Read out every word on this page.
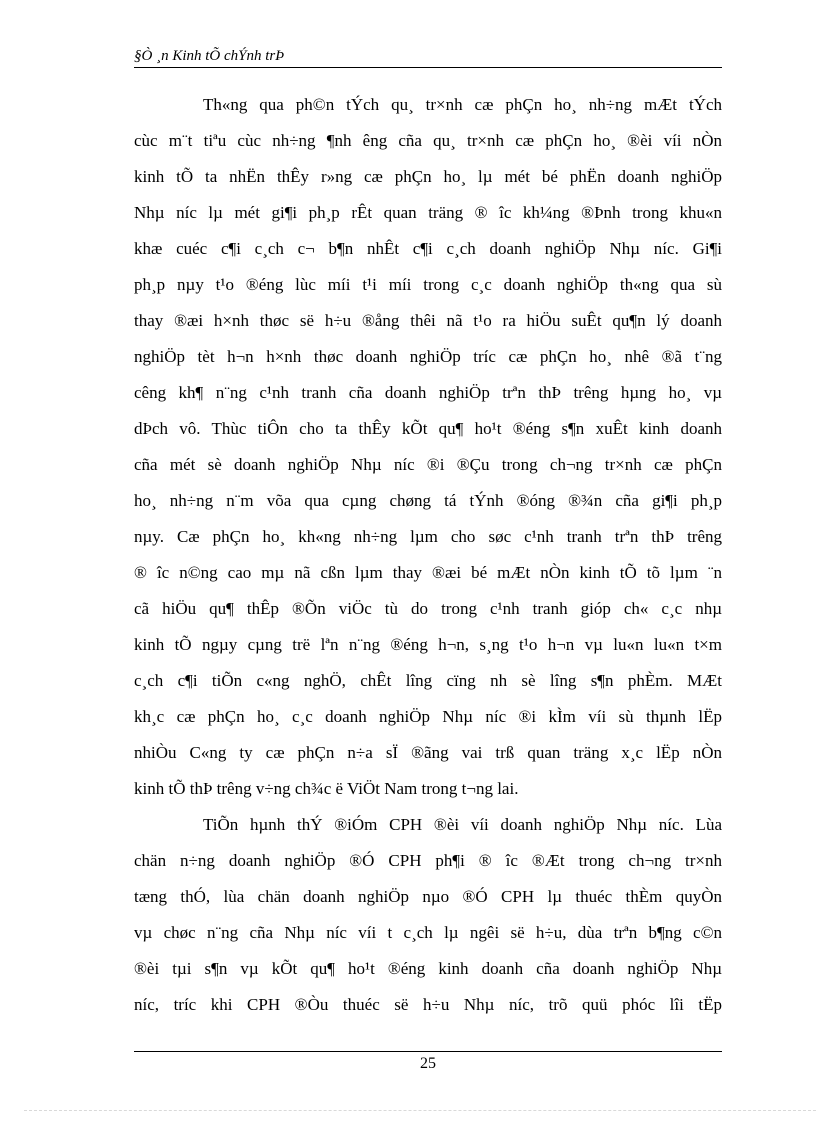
§Ò ¸n Kinh tÕ chÝnh trÞ
Th«ng qua ph©n tÝch qu¸ tr×nh cæ phÇn ho¸ nh÷ng mÆt tÝch
cùc m¨t tiªu cùc nh÷ng ¶nh êng cña qu¸ tr×nh cæ phÇn ho¸ ®èi víi nÒn
kinh tÕ ta nhËn thÊy r»ng cæ phÇn ho¸ lµ mét bé phËn doanh nghiÖp
Nhµ níc lµ mét gi¶i ph¸p rÊt quan träng ® îc kh¼ng ®Þnh trong khu«n
khæ cuéc c¶i c¸ch c¬ b¶n nhÊt c¶i c¸ch doanh nghiÖp Nhµ níc. Gi¶i
ph¸p nµy t¹o ®éng lùc míi t¹i míi trong c¸c doanh nghiÖp th«ng qua sù
thay ®æi h×nh thøc së h÷u ®ång thêi nã t¹o ra hiÖu suÊt qu¶n lý doanh
nghiÖp tèt h¬n h×nh thøc doanh nghiÖp tríc cæ phÇn ho¸ nhê ®ã t¨ng
cêng kh¶ n¨ng c¹nh tranh cña doanh nghiÖp trªn thÞ trêng hµng ho¸ vµ
dÞch vô. Thùc tiÔn cho ta thÊy kÕt qu¶ ho¹t ®éng s¶n xuÊt kinh doanh
cña mét sè doanh nghiÖp Nhµ níc ®i ®Çu trong ch¬ng tr×nh cæ phÇn
ho¸ nh÷ng n¨m võa qua cµng chøng tá tÝnh ®óng ®¾n cña gi¶i ph¸p
nµy. Cæ phÇn ho¸ kh«ng nh÷ng lµm cho søc c¹nh tranh trªn thÞ trêng
® îc n©ng cao mµ nã cßn lµm thay ®æi bé mÆt nÒn kinh tÕ tõ lµm ¨n
cã hiÖu qu¶ thÊp ®Õn viÖc tù do trong c¹nh tranh gióp ch« c¸c nhµ
kinh tÕ ngµy cµng trë lªn n¨ng ®éng h¬n, s¸ng t¹o h¬n vµ lu«n lu«n t×m
c¸ch c¶i tiÕn c«ng nghÖ, chÊt lîng cïng nh sè lîng s¶n phÈm. MÆt
kh¸c cæ phÇn ho¸ c¸c doanh nghiÖp Nhµ níc ®i kÌm víi sù thµnh lËp
nhiÒu C«ng ty cæ phÇn n÷a sÏ ®ãng vai trß quan träng x¸c lËp nÒn
kinh tÕ thÞ trêng v÷ng ch¾c ë ViÖt Nam trong t¬ng lai.
TiÕn hµnh thÝ ®iÓm CPH ®èi víi doanh nghiÖp Nhµ níc. Lùa
chän n÷ng doanh nghiÖp ®Ó CPH ph¶i ® îc ®Æt trong ch¬ng tr×nh
tæng thÓ, lùa chän doanh nghiÖp nµo ®Ó CPH lµ thuéc thÈm quyÒn
vµ chøc n¨ng cña Nhµ níc víi t c¸ch lµ ngêi së h÷u, dùa trªn b¶ng c©n
®èi tµi s¶n vµ kÕt qu¶ ho¹t ®éng kinh doanh cña doanh nghiÖp Nhµ
níc, tríc khi CPH ®Òu thuéc së h÷u Nhµ níc, trõ quü phóc lîi tËp
25
